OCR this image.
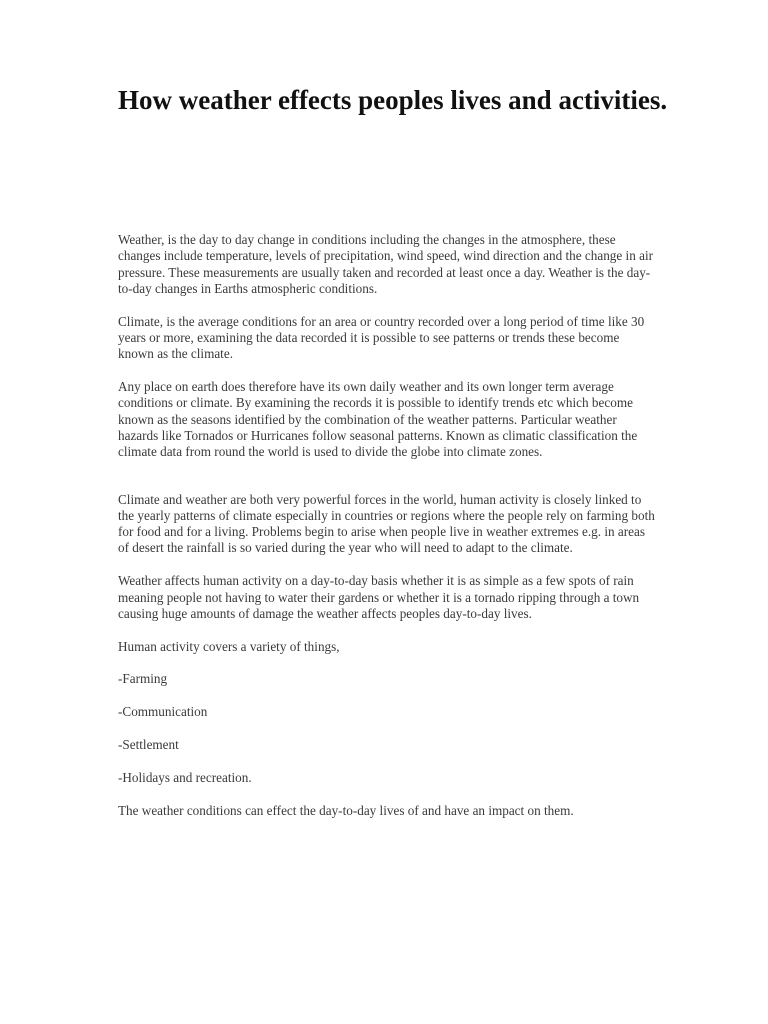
How weather effects peoples lives and activities.

Weather, is the day to day change in conditions including the changes in the atmosphere, these changes include temperature, levels of precipitation, wind speed, wind direction and the change in air pressure. These measurements are usually taken and recorded at least once a day. Weather is the day-to-day changes in Earths atmospheric conditions.

Climate, is the average conditions for an area or country recorded over a long period of time like 30 years or more, examining the data recorded it is possible to see patterns or trends these become known as the climate.

Any place on earth does therefore have its own daily weather and its own longer term average conditions or climate. By examining the records it is possible to identify trends etc which become known as the seasons identified by the combination of the weather patterns. Particular weather hazards like Tornados or Hurricanes follow seasonal patterns. Known as climatic classification the climate data from round the world is used to divide the globe into climate zones.

Climate and weather are both very powerful forces in the world, human activity is closely linked to the yearly patterns of climate especially in countries or regions where the people rely on farming both for food and for a living. Problems begin to arise when people live in weather extremes e.g. in areas of desert the rainfall is so varied during the year who will need to adapt to the climate.

Weather affects human activity on a day-to-day basis whether it is as simple as a few spots of rain meaning people not having to water their gardens or whether it is a tornado ripping through a town causing huge amounts of damage the weather affects peoples day-to-day lives.

Human activity covers a variety of things,

-Farming

-Communication

-Settlement

-Holidays and recreation.

The weather conditions can effect the day-to-day lives of and have an impact on them.
